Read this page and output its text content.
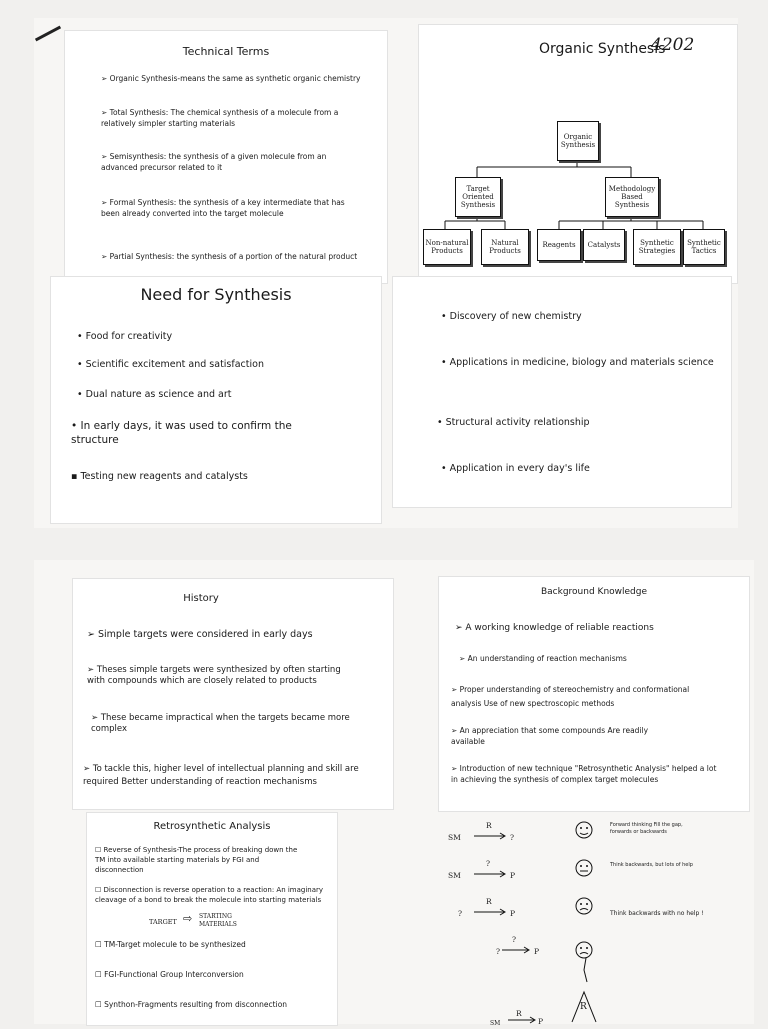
Technical Terms
➢ Organic Synthesis-means the same as synthetic organic chemistry
➢ Total Synthesis: The chemical synthesis of a molecule from a relatively simpler starting materials
➢ Semisynthesis: the synthesis of a given molecule from an advanced precursor related to it
➢ Formal Synthesis: the synthesis of a key intermediate that has been already converted into the target molecule
➢ Partial Synthesis: the synthesis of a portion of the natural product
Organic Synthesis
4202
Organic Synthesis
Target Oriented Synthesis
Methodology Based Synthesis
Non-natural Products
Natural Products
Reagents	Catalysts	Synthetic Strategies
Synthetic Tactics
Need for Synthesis
• Food for creativity
• Scientific excitement and satisfaction
• Dual nature as science and art
• In early days, it was used to confirm the structure
▪ Testing new reagents and catalysts
• Discovery of new chemistry
• Applications in medicine, biology and materials science
• Structural activity relationship
• Application in every day's life
History
➢ Simple targets were considered in early days
➢ Theses simple targets were synthesized by often starting with compounds which are closely related to products
➢ These became impractical when the targets became more complex
➢ To tackle this, higher level of intellectual planning and skill are required Better understanding of reaction mechanisms
Background Knowledge
➢ A working knowledge of reliable reactions
➢ An understanding of reaction mechanisms
➢ Proper understanding of stereochemistry and conformational analysis Use of new spectroscopic methods
➢ An appreciation that some compounds Are readily available
➢ Introduction of new technique "Retrosynthetic Analysis" helped a lot in achieving the synthesis of complex target molecules
Retrosynthetic Analysis
☐ Reverse of Synthesis-The process of breaking down the TM into available starting materials by FGI and disconnection
☐ Disconnection is reverse operation to a reaction: An imaginary cleavage of a bond to break the molecule into starting materials
TARGET ⇨ STARTING MATERIALS
☐ TM-Target molecule to be synthesized
☐ FGI-Functional Group Interconversion
☐ Synthon-Fragments resulting from disconnection
SM
R
?
Forward thinking Fill the gap, forwards or backwards
SM
?
P
Think backwards, but lots of help
?
R
P	Think backwards with no help !
?
?
P
SM
R
P
R
